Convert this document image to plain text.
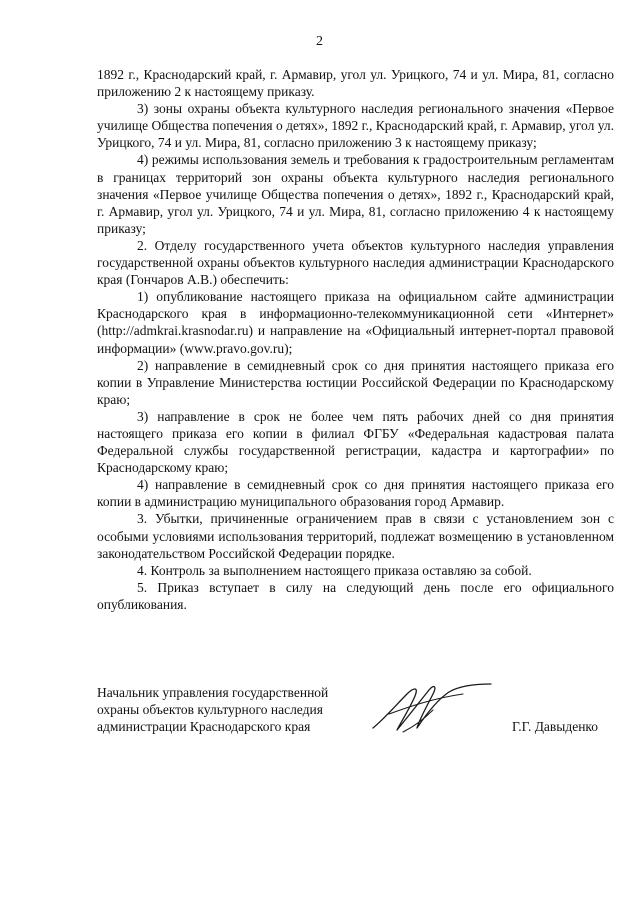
2

1892 г., Краснодарский край, г. Армавир, угол ул. Урицкого, 74 и ул. Мира, 81, согласно приложению 2 к настоящему приказу.

3) зоны охраны объекта культурного наследия регионального значения «Первое училище Общества попечения о детях», 1892 г., Краснодарский край, г. Армавир, угол ул. Урицкого, 74 и ул. Мира, 81, согласно приложению 3 к настоящему приказу;

4) режимы использования земель и требования к градостроительным регламентам в границах территорий зон охраны объекта культурного наследия регионального значения «Первое училище Общества попечения о детях», 1892 г., Краснодарский край, г. Армавир, угол ул. Урицкого, 74 и ул. Мира, 81, согласно приложению 4 к настоящему приказу;

2. Отделу государственного учета объектов культурного наследия управления государственной охраны объектов культурного наследия администрации Краснодарского края (Гончаров А.В.) обеспечить:

1) опубликование настоящего приказа на официальном сайте администрации Краснодарского края в информационно-телекоммуникационной сети «Интернет» (http://admkrai.krasnodar.ru) и направление на «Официальный интернет-портал правовой информации» (www.pravo.gov.ru);

2) направление в семидневный срок со дня принятия настоящего приказа его копии в Управление Министерства юстиции Российской Федерации по Краснодарскому краю;

3) направление в срок не более чем пять рабочих дней со дня принятия настоящего приказа его копии в филиал ФГБУ «Федеральная кадастровая палата Федеральной службы государственной регистрации, кадастра и картографии» по Краснодарскому краю;

4) направление в семидневный срок со дня принятия настоящего приказа его копии в администрацию муниципального образования город Армавир.

3. Убытки, причиненные ограничением прав в связи с установлением зон с особыми условиями использования территорий, подлежат возмещению в установленном законодательством Российской Федерации порядке.

4. Контроль за выполнением настоящего приказа оставляю за собой.

5. Приказ вступает в силу на следующий день после его официального опубликования.

Начальник управления государственной
охраны объектов культурного наследия
администрации Краснодарского края	Г.Г. Давыденко
